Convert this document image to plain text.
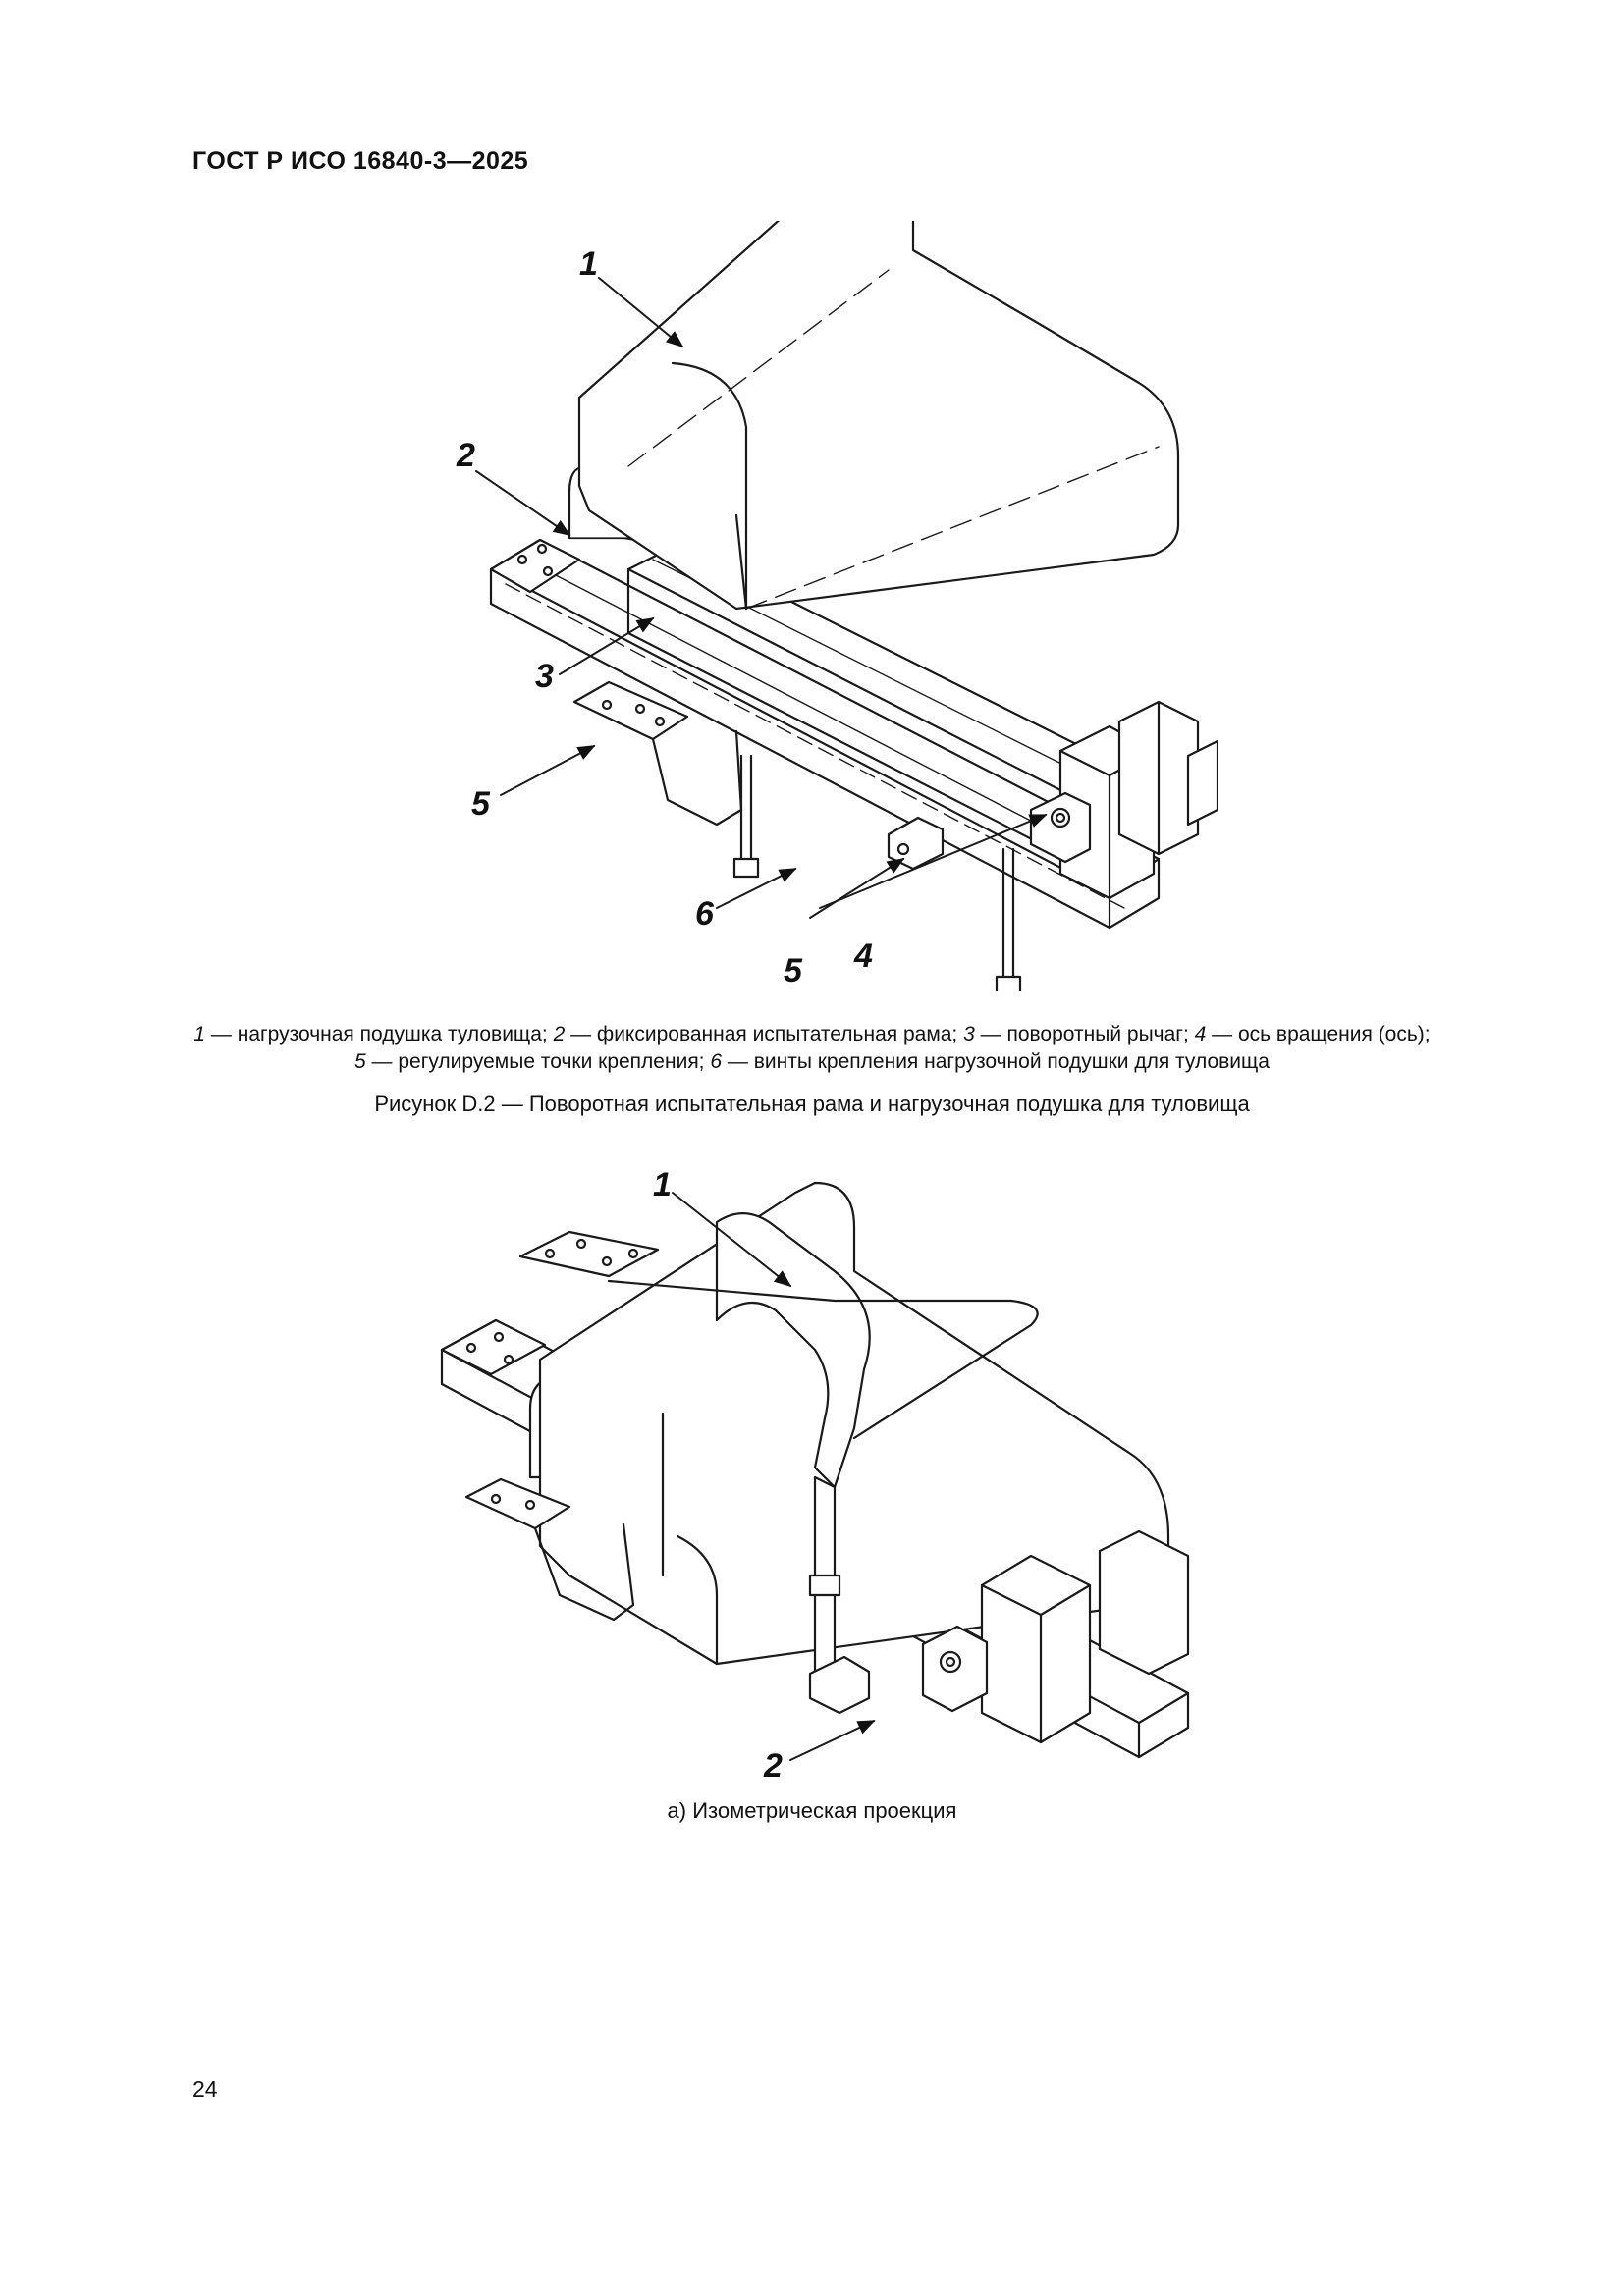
ГОСТ Р ИСО 16840-3—2025
1
2
3
4
5
5
6
1 — нагрузочная подушка туловища; 2 — фиксированная испытательная рама; 3 — поворотный рычаг; 4 — ось вращения (ось);
5 — регулируемые точки крепления; 6 — винты крепления нагрузочной подушки для туловища
Рисунок D.2 — Поворотная испытательная рама и нагрузочная подушка для туловища
1
2
a) Изометрическая проекция
24
